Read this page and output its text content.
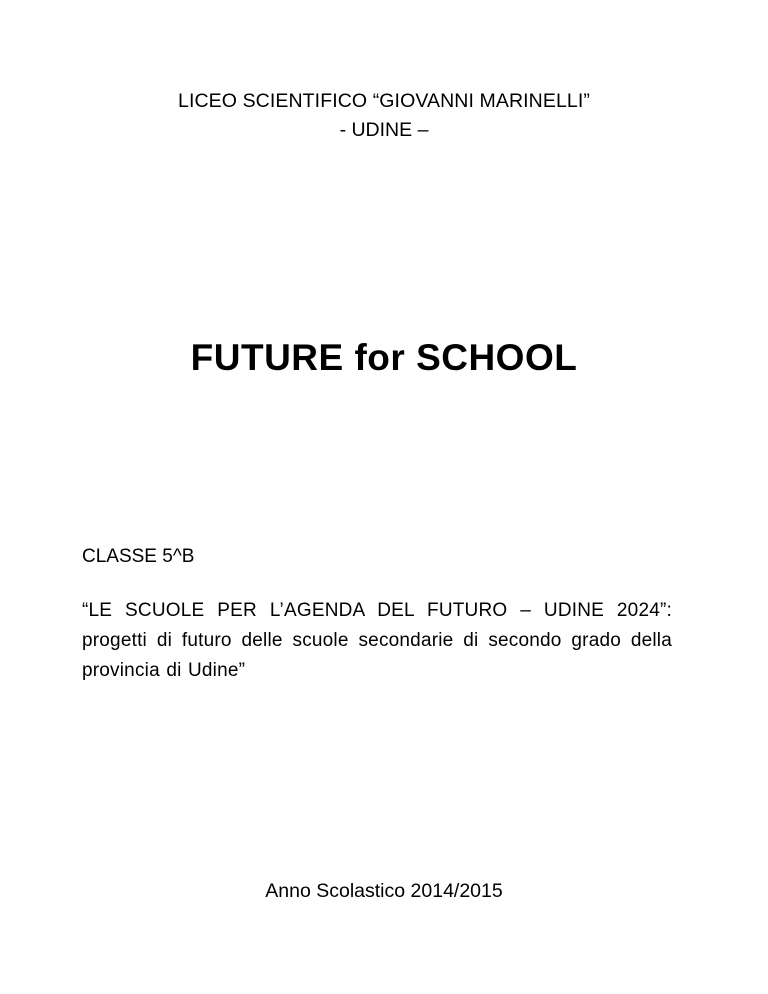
LICEO SCIENTIFICO “GIOVANNI MARINELLI”
- UDINE –
FUTURE for SCHOOL
CLASSE 5^B
“LE SCUOLE PER L’AGENDA DEL FUTURO – UDINE 2024”: progetti di futuro delle scuole secondarie di secondo grado della provincia di Udine”
Anno Scolastico 2014/2015
